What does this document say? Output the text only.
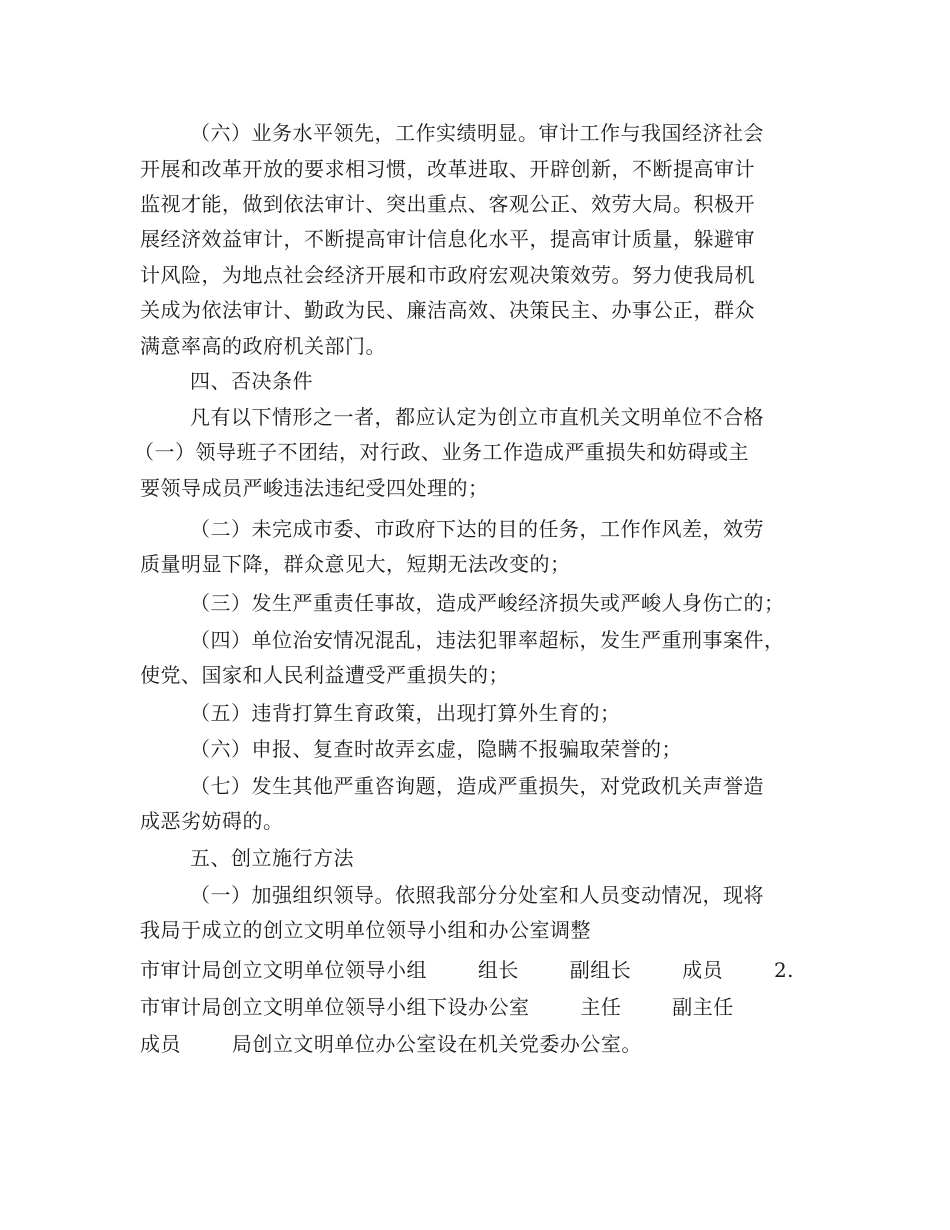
（六）业务水平领先，工作实绩明显。审计工作与我国经济社会
开展和改革开放的要求相习惯，改革进取、开辟创新，不断提高审计
监视才能，做到依法审计、突出重点、客观公正、效劳大局。积极开
展经济效益审计，不断提高审计信息化水平，提高审计质量，躲避审
计风险，为地点社会经济开展和市政府宏观决策效劳。努力使我局机
关成为依法审计、勤政为民、廉洁高效、决策民主、办事公正，群众
满意率高的政府机关部门。
四、否决条件
凡有以下情形之一者，都应认定为创立市直机关文明单位不合格
（一）领导班子不团结，对行政、业务工作造成严重损失和妨碍或主
要领导成员严峻违法违纪受四处理的；
（二）未完成市委、市政府下达的目的任务，工作作风差，效劳
质量明显下降，群众意见大，短期无法改变的；
（三）发生严重责任事故，造成严峻经济损失或严峻人身伤亡的；
（四）单位治安情况混乱，违法犯罪率超标，发生严重刑事案件，
使党、国家和人民利益遭受严重损失的；
（五）违背打算生育政策，出现打算外生育的；
（六）申报、复查时故弄玄虚，隐瞒不报骗取荣誉的；
（七）发生其他严重咨询题，造成严重损失，对党政机关声誉造
成恶劣妨碍的。
五、创立施行方法
（一）加强组织领导。依照我部分分处室和人员变动情况，现将
我局于成立的创立文明单位领导小组和办公室调整
市审计局创立文明单位领导小组	组长	副组长	成员	2.
市审计局创立文明单位领导小组下设办公室	主任	副主任
成员	局创立文明单位办公室设在机关党委办公室。
